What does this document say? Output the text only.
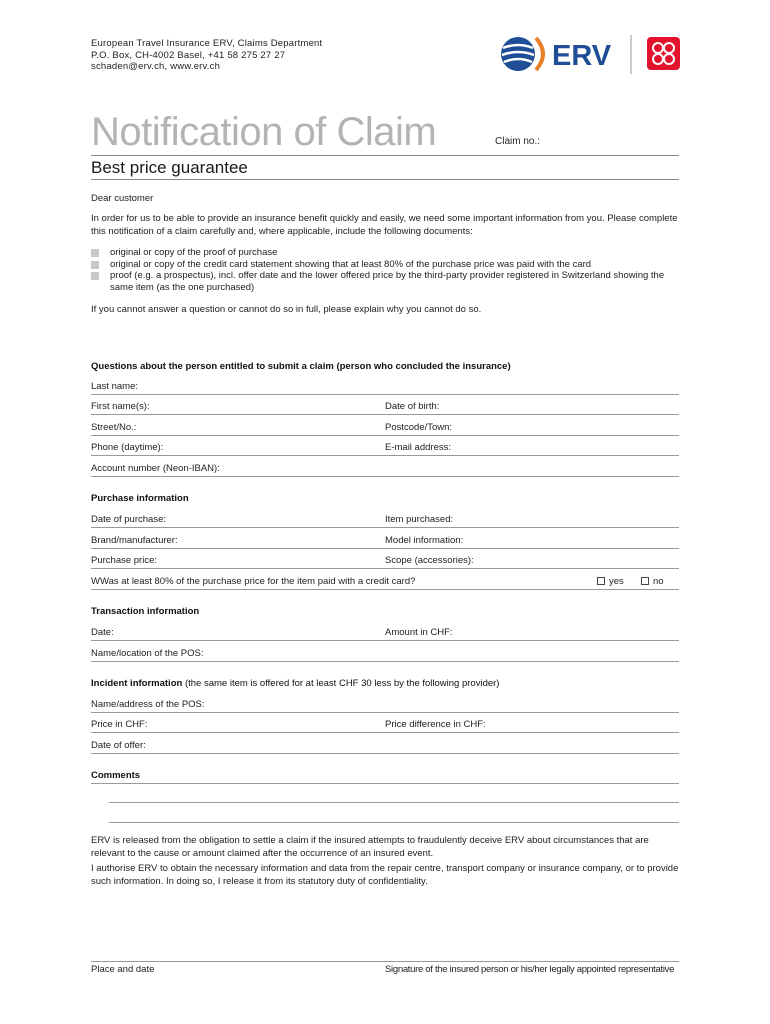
European Travel Insurance ERV, Claims Department
P.O. Box, CH-4002 Basel, +41 58 275 27 27
schaden@erv.ch, www.erv.ch	ERV
Notification of Claim	Claim no.:
Best price guarantee
Dear customer
In order for us to be able to provide an insurance benefit quickly and easily, we need some important information from you. Please complete this notification of a claim carefully and, where applicable, include the following documents:
original or copy of the proof of purchase
original or copy of the credit card statement showing that at least 80% of the purchase price was paid with the card
proof (e.g. a prospectus), incl. offer date and the lower offered price by the third-party provider registered in Switzerland showing the same item (as the one purchased)
If you cannot answer a question or cannot do so in full, please explain why you cannot do so.
Questions about the person entitled to submit a claim (person who concluded the insurance)
Last name:
First name(s):	Date of birth:
Street/No.:	Postcode/Town:
Phone (daytime):	E-mail address:
Account number (Neon-IBAN):
Purchase information
Date of purchase:	Item purchased:
Brand/manufacturer:	Model information:
Purchase price:	Scope (accessories):
WWas at least 80% of the purchase price for the item paid with a credit card?	yes	no
Transaction information
Date:	Amount in CHF:
Name/location of the POS:
Incident information (the same item is offered for at least CHF 30 less by the following provider)
Name/address of the POS:
Price in CHF:	Price difference in CHF:
Date of offer:
Comments
ERV is released from the obligation to settle a claim if the insured attempts to fraudulently deceive ERV about circumstances that are relevant to the cause or amount claimed after the occurrence of an insured event.
I authorise ERV to obtain the necessary information and data from the repair centre, transport company or insurance company, or to provide such information. In doing so, I release it from its statutory duty of confidentiality.
Place and date	Signature of the insured person or his/her legally appointed representative
